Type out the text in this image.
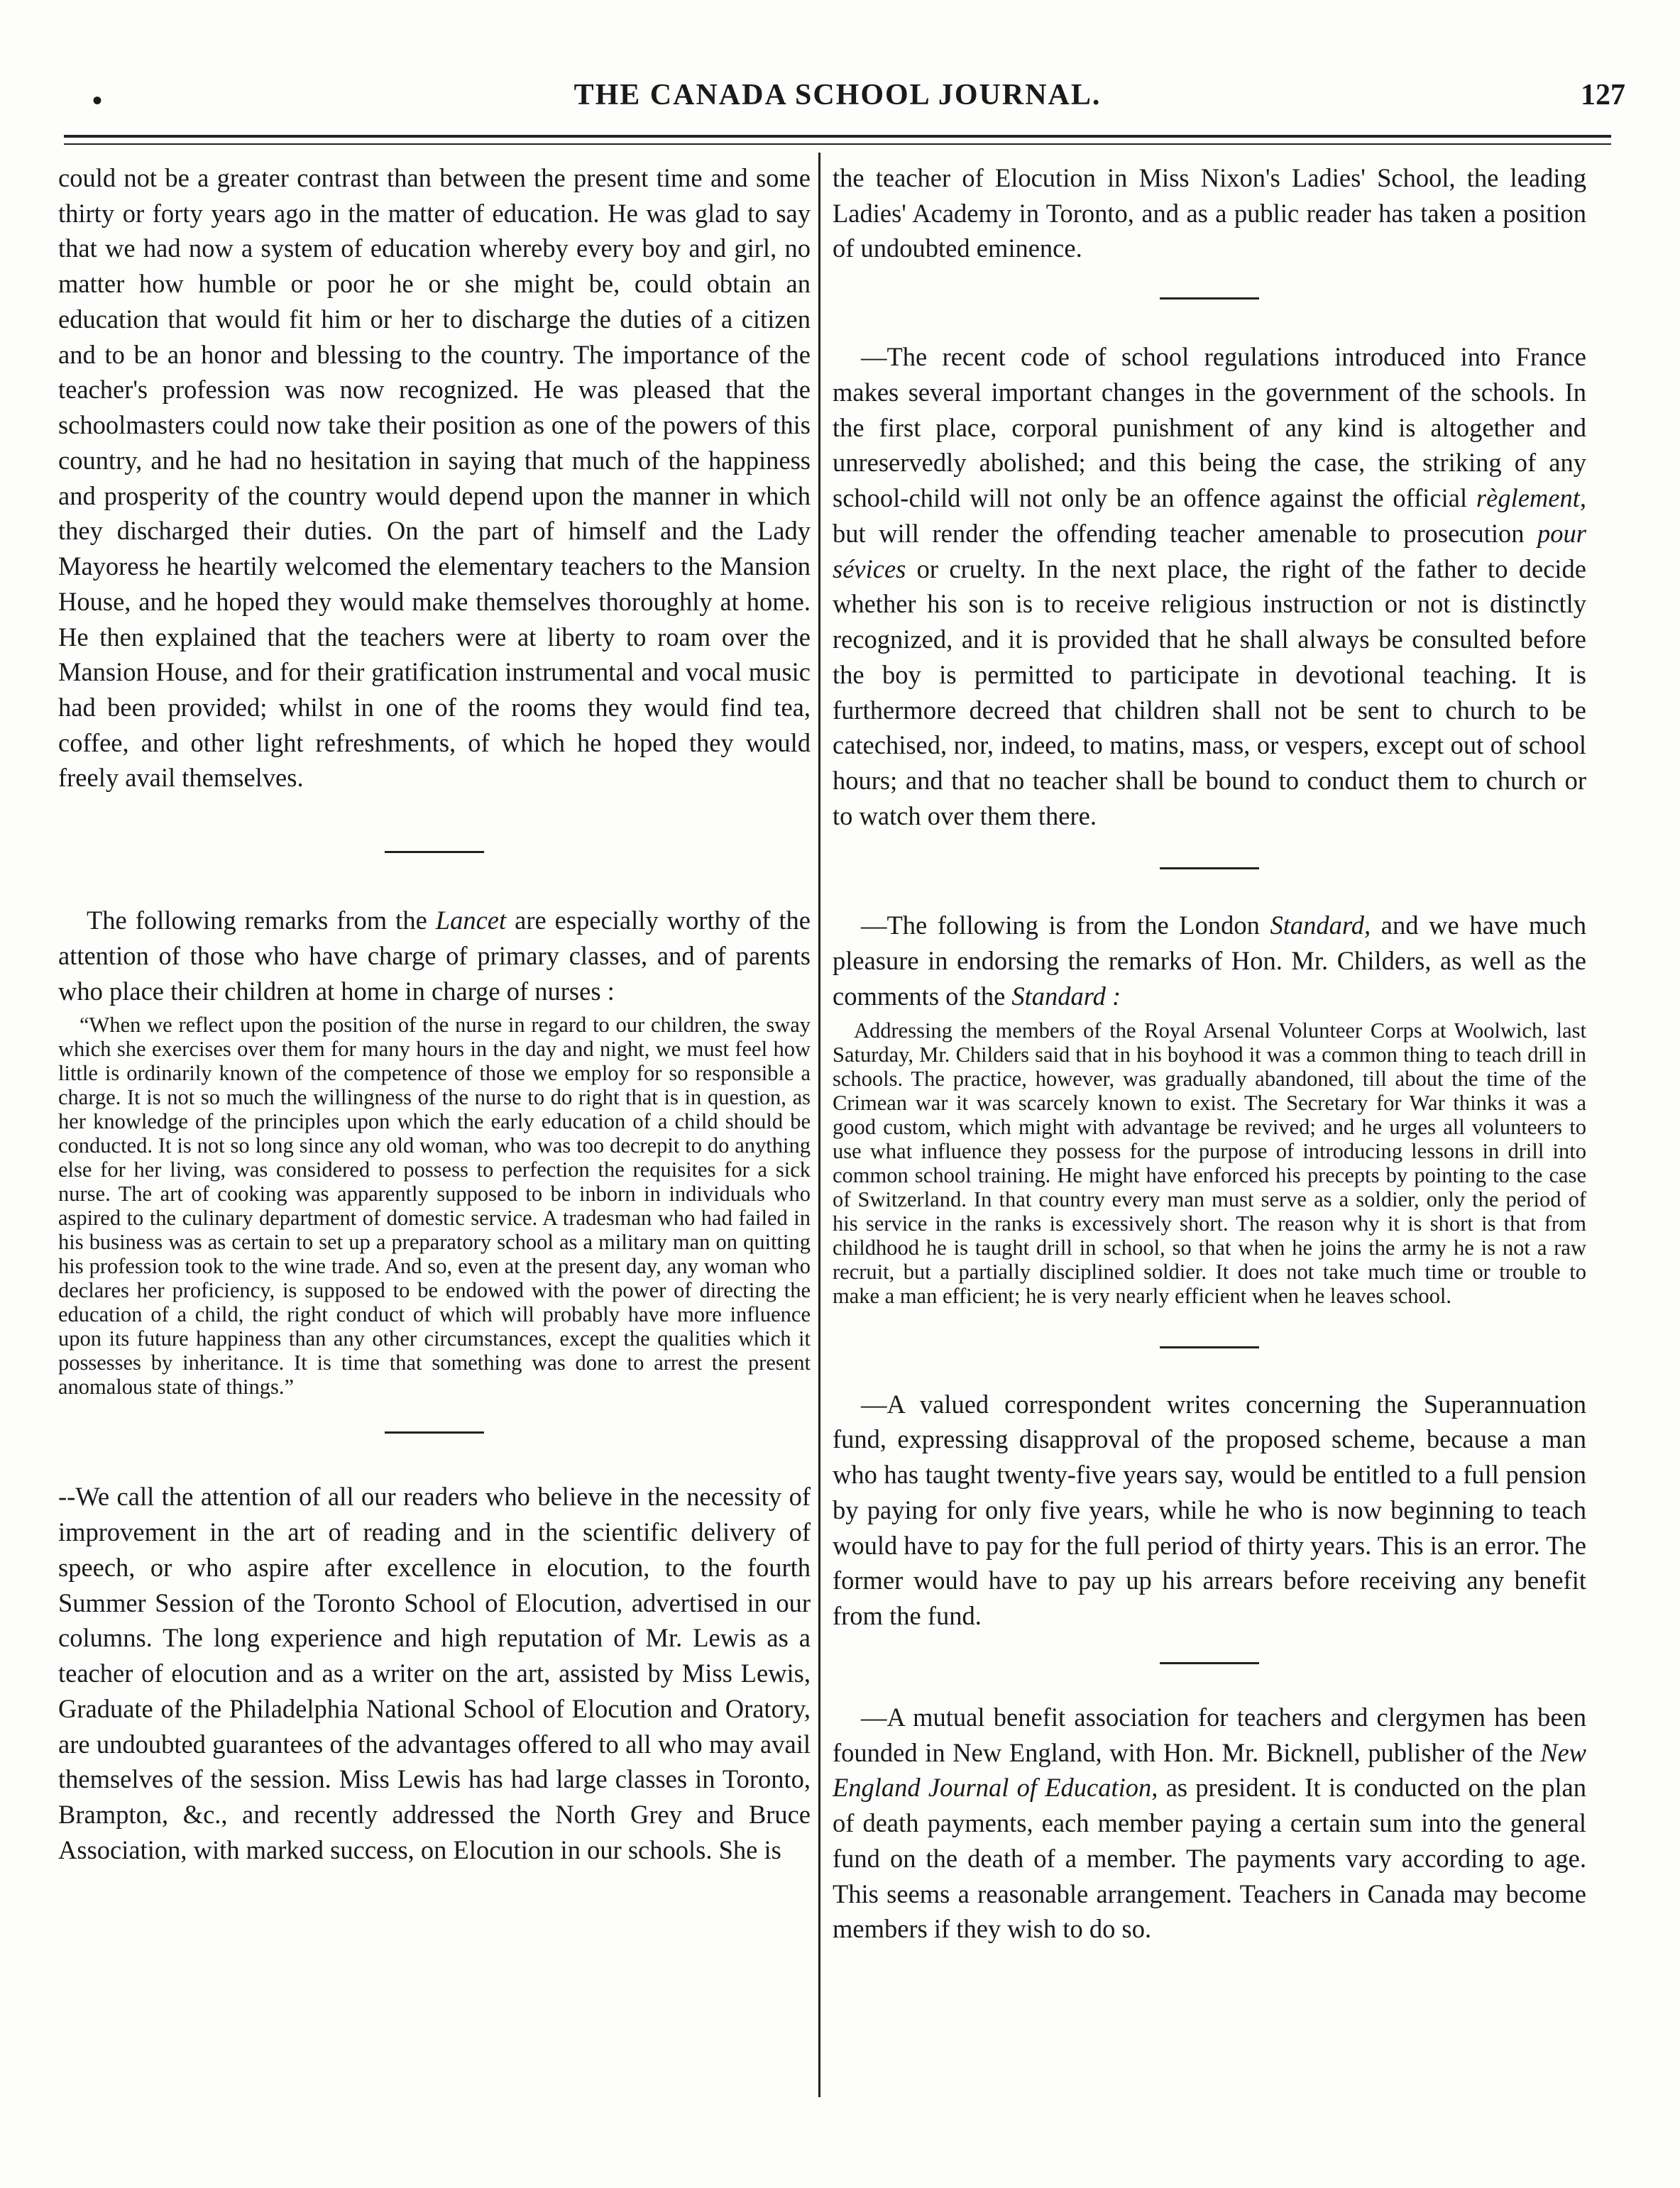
•	THE CANADA SCHOOL JOURNAL.	127

could not be a greater contrast than between the present time and some thirty or forty years ago in the matter of education. He was glad to say that we had now a system of education whereby every boy and girl, no matter how humble or poor he or she might be, could obtain an education that would fit him or her to discharge the duties of a citizen and to be an honor and blessing to the country. The importance of the teacher's profession was now recognized. He was pleased that the schoolmasters could now take their position as one of the powers of this country, and he had no hesitation in saying that much of the happiness and prosperity of the country would depend upon the manner in which they discharged their duties. On the part of himself and the Lady Mayoress he heartily welcomed the elementary teachers to the Mansion House, and he hoped they would make themselves thoroughly at home. He then explained that the teachers were at liberty to roam over the Mansion House, and for their gratification instrumental and vocal music had been provided; whilst in one of the rooms they would find tea, coffee, and other light refreshments, of which he hoped they would freely avail themselves.

The following remarks from the Lancet are especially worthy of the attention of those who have charge of primary classes, and of parents who place their children at home in charge of nurses :

“When we reflect upon the position of the nurse in regard to our children, the sway which she exercises over them for many hours in the day and night, we must feel how little is ordinarily known of the competence of those we employ for so responsible a charge. It is not so much the willingness of the nurse to do right that is in question, as her knowledge of the principles upon which the early education of a child should be conducted. It is not so long since any old woman, who was too decrepit to do anything else for her living, was considered to possess to perfection the requisites for a sick nurse. The art of cooking was apparently supposed to be inborn in individuals who aspired to the culinary department of domestic service. A tradesman who had failed in his business was as certain to set up a preparatory school as a military man on quitting his profession took to the wine trade. And so, even at the present day, any woman who declares her proficiency, is supposed to be endowed with the power of directing the education of a child, the right conduct of which will probably have more influence upon its future happiness than any other circumstances, except the qualities which it possesses by inheritance. It is time that something was done to arrest the present anomalous state of things.”

--We call the attention of all our readers who believe in the necessity of improvement in the art of reading and in the scientific delivery of speech, or who aspire after excellence in elocution, to the fourth Summer Session of the Toronto School of Elocution, advertised in our columns. The long experience and high reputation of Mr. Lewis as a teacher of elocution and as a writer on the art, assisted by Miss Lewis, Graduate of the Philadelphia National School of Elocution and Oratory, are undoubted guarantees of the advantages offered to all who may avail themselves of the session. Miss Lewis has had large classes in Toronto, Brampton, &c., and recently addressed the North Grey and Bruce Association, with marked success, on Elocution in our schools. She is

the teacher of Elocution in Miss Nixon's Ladies' School, the leading Ladies' Academy in Toronto, and as a public reader has taken a position of undoubted eminence.

—The recent code of school regulations introduced into France makes several important changes in the government of the schools. In the first place, corporal punishment of any kind is altogether and unreservedly abolished; and this being the case, the striking of any school-child will not only be an offence against the official règlement, but will render the offending teacher amenable to prosecution pour sévices or cruelty. In the next place, the right of the father to decide whether his son is to receive religious instruction or not is distinctly recognized, and it is provided that he shall always be consulted before the boy is permitted to participate in devotional teaching. It is furthermore decreed that children shall not be sent to church to be catechised, nor, indeed, to matins, mass, or vespers, except out of school hours; and that no teacher shall be bound to conduct them to church or to watch over them there.

—The following is from the London Standard, and we have much pleasure in endorsing the remarks of Hon. Mr. Childers, as well as the comments of the Standard :

Addressing the members of the Royal Arsenal Volunteer Corps at Woolwich, last Saturday, Mr. Childers said that in his boyhood it was a common thing to teach drill in schools. The practice, however, was gradually abandoned, till about the time of the Crimean war it was scarcely known to exist. The Secretary for War thinks it was a good custom, which might with advantage be revived; and he urges all volunteers to use what influence they possess for the purpose of introducing lessons in drill into common school training. He might have enforced his precepts by pointing to the case of Switzerland. In that country every man must serve as a soldier, only the period of his service in the ranks is excessively short. The reason why it is short is that from childhood he is taught drill in school, so that when he joins the army he is not a raw recruit, but a partially disciplined soldier. It does not take much time or trouble to make a man efficient; he is very nearly efficient when he leaves school.

—A valued correspondent writes concerning the Superannuation fund, expressing disapproval of the proposed scheme, because a man who has taught twenty-five years say, would be entitled to a full pension by paying for only five years, while he who is now beginning to teach would have to pay for the full period of thirty years. This is an error. The former would have to pay up his arrears before receiving any benefit from the fund.

—A mutual benefit association for teachers and clergymen has been founded in New England, with Hon. Mr. Bicknell, publisher of the New England Journal of Education, as president. It is conducted on the plan of death payments, each member paying a certain sum into the general fund on the death of a member. The payments vary according to age. This seems a reasonable arrangement. Teachers in Canada may become members if they wish to do so.
